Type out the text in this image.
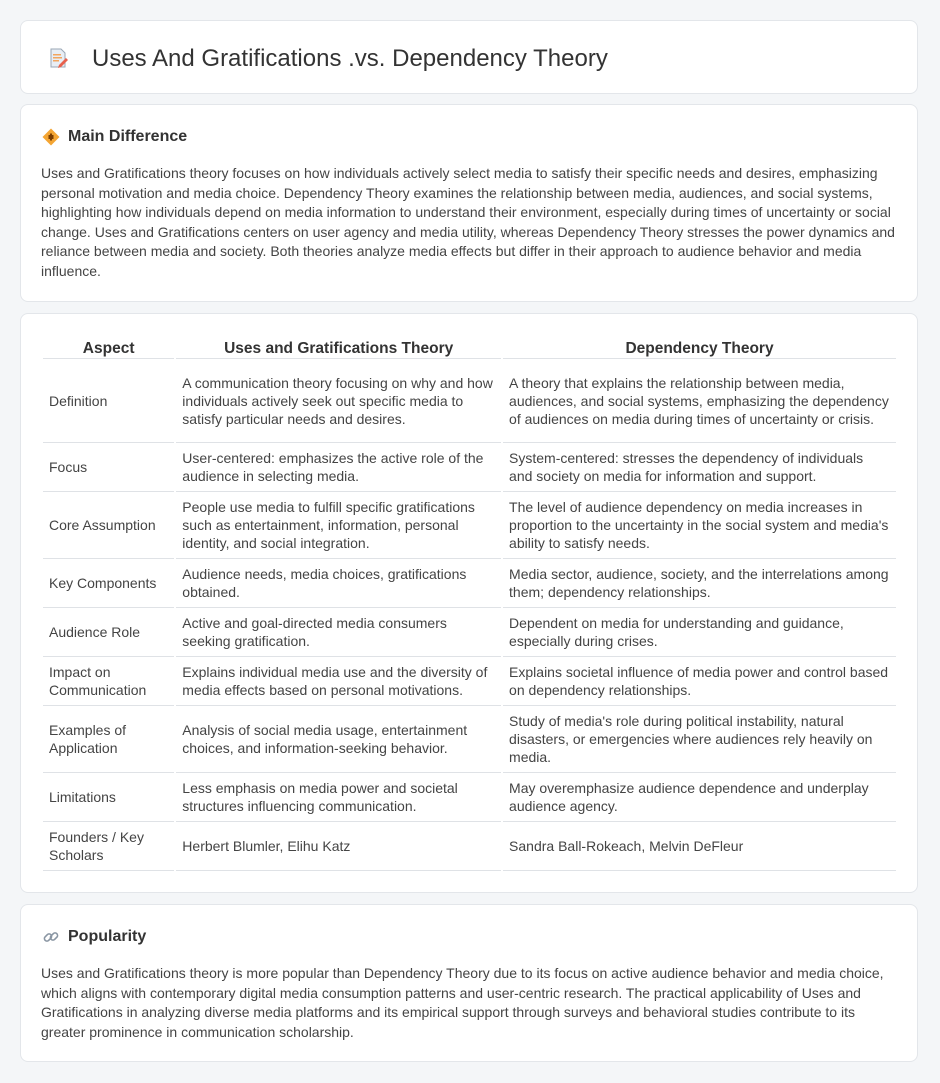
Uses And Gratifications .vs. Dependency Theory
Main Difference

Uses and Gratifications theory focuses on how individuals actively select media to satisfy their specific needs and desires, emphasizing personal motivation and media choice. Dependency Theory examines the relationship between media, audiences, and social systems, highlighting how individuals depend on media information to understand their environment, especially during times of uncertainty or social change. Uses and Gratifications centers on user agency and media utility, whereas Dependency Theory stresses the power dynamics and reliance between media and society. Both theories analyze media effects but differ in their approach to audience behavior and media influence.

Aspect	Uses and Gratifications Theory	Dependency Theory
Definition	A communication theory focusing on why and how individuals actively seek out specific media to satisfy particular needs and desires.	A theory that explains the relationship between media, audiences, and social systems, emphasizing the dependency of audiences on media during times of uncertainty or crisis.
Focus	User-centered: emphasizes the active role of the audience in selecting media.	System-centered: stresses the dependency of individuals and society on media for information and support.
Core Assumption	People use media to fulfill specific gratifications such as entertainment, information, personal identity, and social integration.	The level of audience dependency on media increases in proportion to the uncertainty in the social system and media's ability to satisfy needs.
Key Components	Audience needs, media choices, gratifications obtained.	Media sector, audience, society, and the interrelations among them; dependency relationships.
Audience Role	Active and goal-directed media consumers seeking gratification.	Dependent on media for understanding and guidance, especially during crises.
Impact on Communication	Explains individual media use and the diversity of media effects based on personal motivations.	Explains societal influence of media power and control based on dependency relationships.
Examples of Application	Analysis of social media usage, entertainment choices, and information-seeking behavior.	Study of media's role during political instability, natural disasters, or emergencies where audiences rely heavily on media.
Limitations	Less emphasis on media power and societal structures influencing communication.	May overemphasize audience dependence and underplay audience agency.
Founders / Key Scholars	Herbert Blumler, Elihu Katz	Sandra Ball-Rokeach, Melvin DeFleur
Popularity

Uses and Gratifications theory is more popular than Dependency Theory due to its focus on active audience behavior and media choice, which aligns with contemporary digital media consumption patterns and user-centric research. The practical applicability of Uses and Gratifications in analyzing diverse media platforms and its empirical support through surveys and behavioral studies contribute to its greater prominence in communication scholarship.
